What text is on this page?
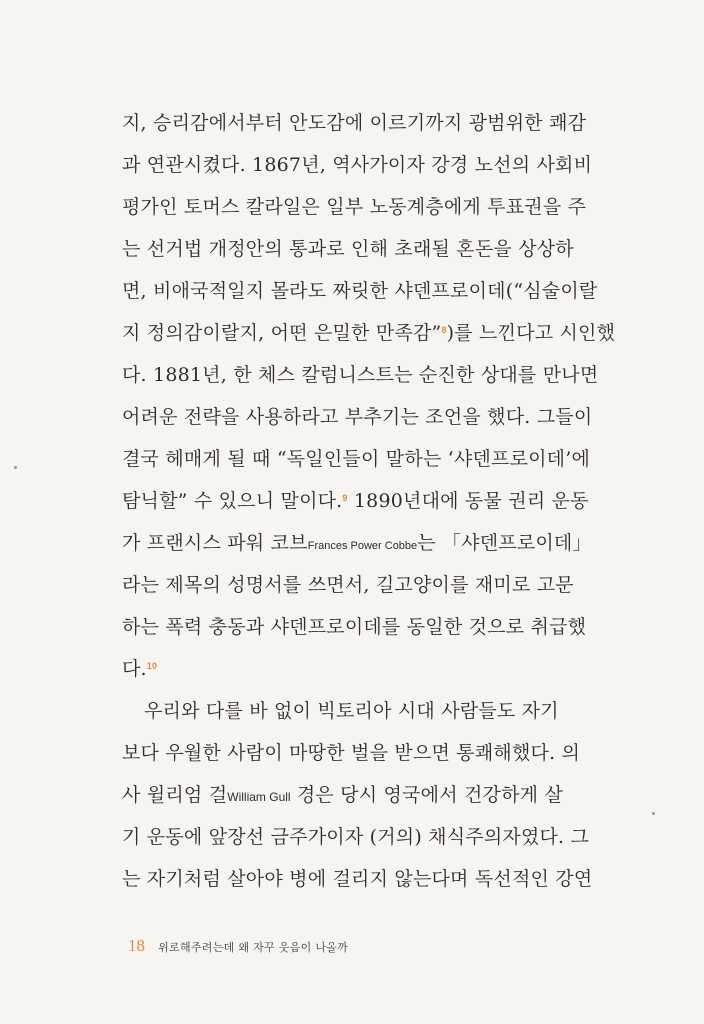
지, 승리감에서부터 안도감에 이르기까지 광범위한 쾌감
과 연관시켰다. 1867년, 역사가이자 강경 노선의 사회비
평가인 토머스 칼라일은 일부 노동계층에게 투표권을 주
는 선거법 개정안의 통과로 인해 초래될 혼돈을 상상하
면, 비애국적일지 몰라도 짜릿한 샤덴프로이데(“심술이랄
지 정의감이랄지, 어떤 은밀한 만족감”$^8$)를 느낀다고 시인했
다. 1881년, 한 체스 칼럼니스트는 순진한 상대를 만나면
어려운 전략을 사용하라고 부추기는 조언을 했다. 그들이
결국 헤매게 될 때 “독일인들이 말하는 ‘샤덴프로이데’에
탐닉할” 수 있으니 말이다.$^9$ 1890년대에 동물 권리 운동
가 프랜시스 파워 코브Frances Power Cobbe는 「샤덴프로이데」
라는 제목의 성명서를 쓰면서, 길고양이를 재미로 고문
하는 폭력 충동과 샤덴프로이데를 동일한 것으로 취급했
다.$^{10}$
우리와 다를 바 없이 빅토리아 시대 사람들도 자기
보다 우월한 사람이 마땅한 벌을 받으면 통쾌해했다. 의
사 윌리엄 걸William Gull 경은 당시 영국에서 건강하게 살
기 운동에 앞장선 금주가이자 (거의) 채식주의자였다. 그
는 자기처럼 살아야 병에 걸리지 않는다며 독선적인 강연
18 위로해주려는데 왜 자꾸 웃음이 나올까
